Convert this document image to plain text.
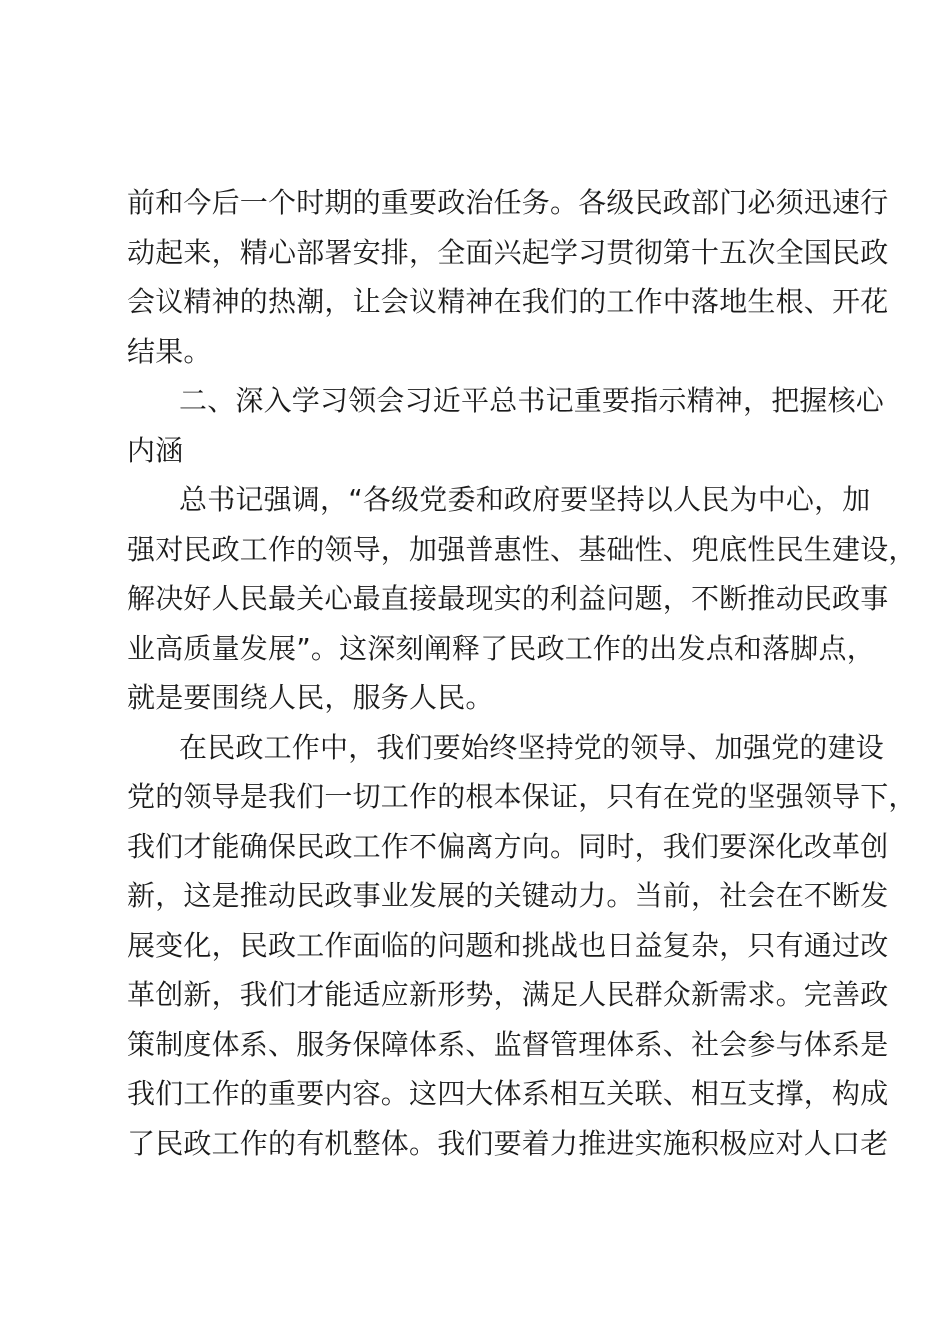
前和今后一个时期的重要政治任务。各级民政部门必须迅速行
动起来，精心部署安排，全面兴起学习贯彻第十五次全国民政
会议精神的热潮，让会议精神在我们的工作中落地生根、开花
结果。
二、深入学习领会习近平总书记重要指示精神，把握核心
内涵
总书记强调，“各级党委和政府要坚持以人民为中心，加
强对民政工作的领导，加强普惠性、基础性、兜底性民生建设，
解决好人民最关心最直接最现实的利益问题，不断推动民政事
业高质量发展”。这深刻阐释了民政工作的出发点和落脚点，
就是要围绕人民，服务人民。
在民政工作中，我们要始终坚持党的领导、加强党的建设
党的领导是我们一切工作的根本保证，只有在党的坚强领导下，
我们才能确保民政工作不偏离方向。同时，我们要深化改革创
新，这是推动民政事业发展的关键动力。当前，社会在不断发
展变化，民政工作面临的问题和挑战也日益复杂，只有通过改
革创新，我们才能适应新形势，满足人民群众新需求。完善政
策制度体系、服务保障体系、监督管理体系、社会参与体系是
我们工作的重要内容。这四大体系相互关联、相互支撑，构成
了民政工作的有机整体。我们要着力推进实施积极应对人口老
